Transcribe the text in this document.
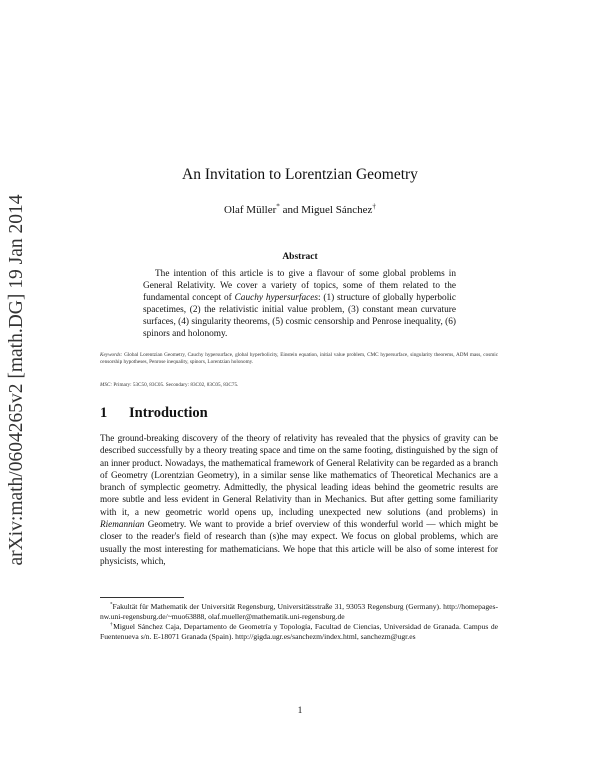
arXiv:math/0604265v2 [math.DG] 19 Jan 2014
An Invitation to Lorentzian Geometry
Olaf Müller* and Miguel Sánchez†
Abstract

The intention of this article is to give a flavour of some global problems in General Relativity. We cover a variety of topics, some of them related to the fundamental concept of Cauchy hypersurfaces: (1) structure of globally hyperbolic spacetimes, (2) the relativistic initial value problem, (3) constant mean curvature surfaces, (4) singularity theorems, (5) cosmic censorship and Penrose inequality, (6) spinors and holonomy.

Keywords: Global Lorentzian Geometry, Cauchy hypersurface, global hyperbolicity, Einstein equation, initial value problem, CMC hypersurface, singularity theorems, ADM mass, cosmic censorship hypotheses, Penrose inequality, spinors, Lorentzian holonomy.
MSC: Primary: 53C50, 83C05. Secondary: 83C02, 83C05, 83C75.
1 Introduction

The ground-breaking discovery of the theory of relativity has revealed that the physics of gravity can be described successfully by a theory treating space and time on the same footing, distinguished by the sign of an inner product. Nowadays, the mathematical framework of General Relativity can be regarded as a branch of Geometry (Lorentzian Geometry), in a similar sense like mathematics of Theoretical Mechanics are a branch of symplectic geometry. Admittedly, the physical leading ideas behind the geometric results are more subtle and less evident in General Relativity than in Mechanics. But after getting some familiarity with it, a new geometric world opens up, including unexpected new solutions (and problems) in Riemannian Geometry. We want to provide a brief overview of this wonderful world — which might be closer to the reader's field of research than (s)he may expect. We focus on global problems, which are usually the most interesting for mathematicians. We hope that this article will be also of some interest for physicists, which,

*Fakultät für Mathematik der Universität Regensburg, Universitätsstraße 31, 93053 Regensburg (Germany). http://homepages-nw.uni-regensburg.de/~muo63888, olaf.mueller@mathematik.uni-regensburg.de

†Miguel Sánchez Caja, Departamento de Geometría y Topología, Facultad de Ciencias, Universidad de Granada. Campus de Fuentenueva s/n. E-18071 Granada (Spain). http://gigda.ugr.es/sanchezm/index.html, sanchezm@ugr.es

1
